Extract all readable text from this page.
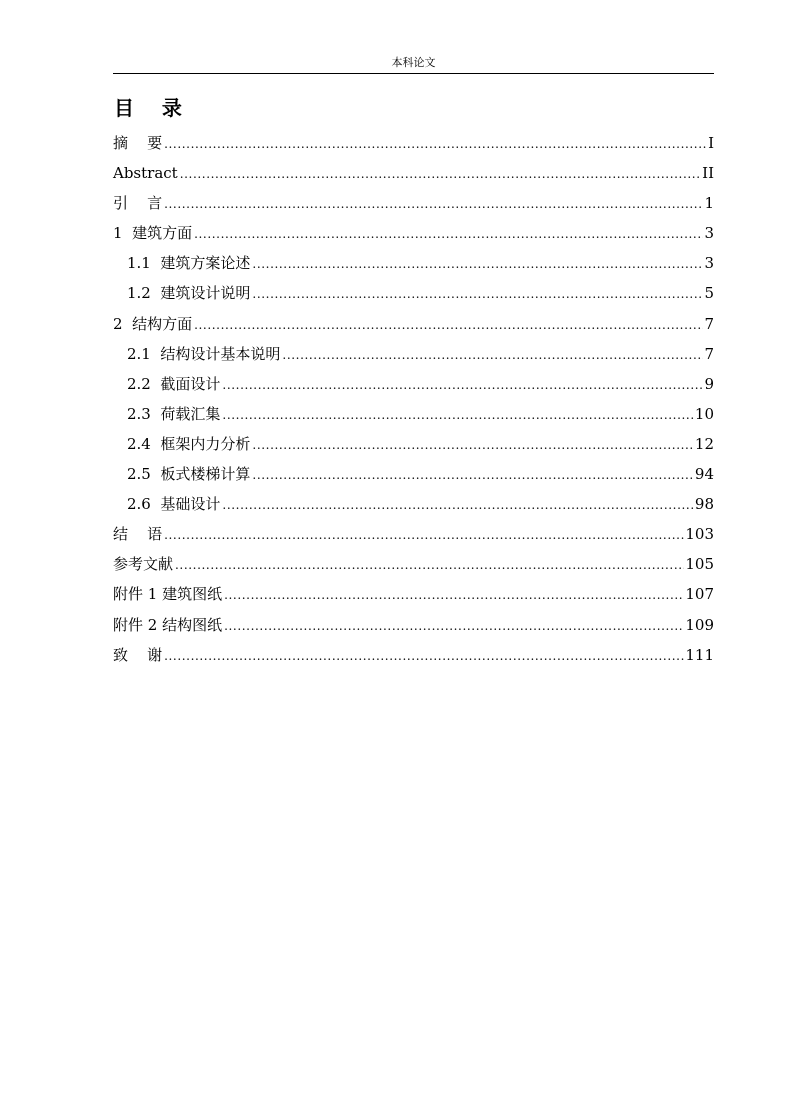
本科论文
目    录
摘    要 .....	I
Abstract .....	II
引    言 .....	1
1  建筑方面 .....	3
1.1  建筑方案论述 .....	3
1.2  建筑设计说明 .....	5
2  结构方面 .....	7
2.1  结构设计基本说明 .....	7
2.2  截面设计 .....	9
2.3  荷载汇集 .....	10
2.4  框架内力分析 .....	12
2.5  板式楼梯计算 .....	94
2.6  基础设计 .....	98
结    语 .....	103
参考文献 .....	105
附件 1 建筑图纸 .....	107
附件 2 结构图纸 .....	109
致    谢 .....	111
